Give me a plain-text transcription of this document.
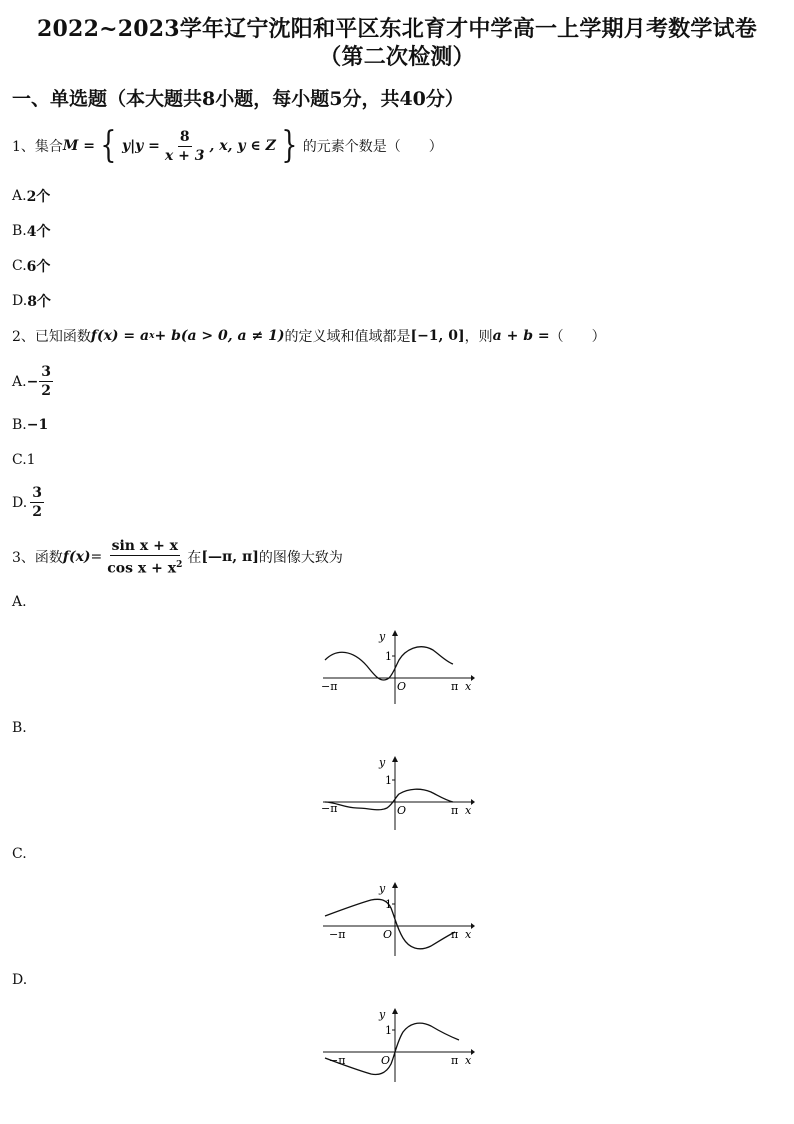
2022~2023学年辽宁沈阳和平区东北育才中学高一上学期月考数学试卷
（第二次检测）
一、单选题（本大题共8小题，每小题5分，共40分）
1、集合 M = { $y|y = \frac{8}{x + 3}$ , x, y ∈ Z } 的元素个数是（　　）
A. 2个
B. 4个
C. 6个
D. 8个
2、已知函数 f(x) = a x + b(a > 0, a ≠ 1) 的定义域和值域都是 [−1, 0] ，则 a + b = （　　）
A. − $\frac{3}{2}$
B. −1
C. 1
D. $\frac{3}{2}$
3、函数 $f(x) = \frac{\text{sin x + x}}{\cos x + x^2}$ 在 [—π, π] 的图像大致为
A.
y
1
O
−π	π x
B.
y
1
O
−π	π x
C.
y
1
O
−π	π x
D.
y
1
O
−π	π x
